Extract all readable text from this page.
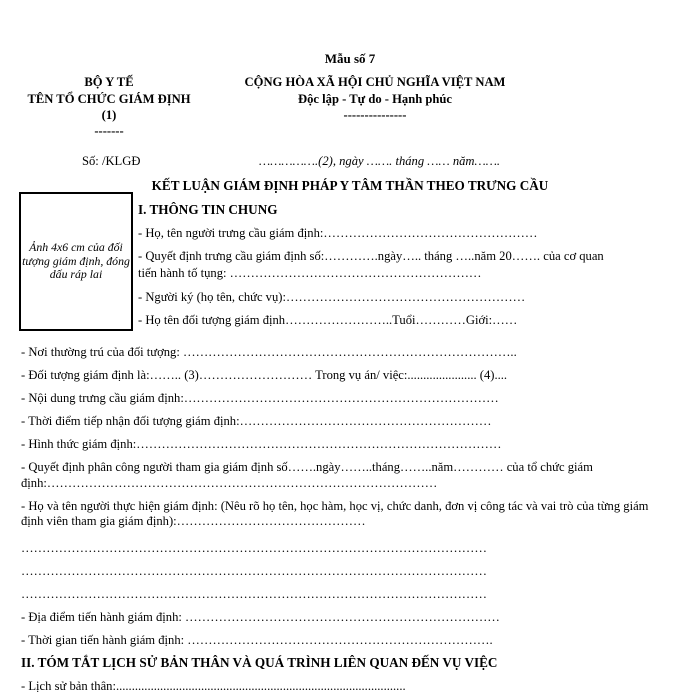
Mẫu số 7
BỘ Y TẾ
TÊN TỔ CHỨC GIÁM ĐỊNH
(1)
-------
CỘNG HÒA XÃ HỘI CHỦ NGHĨA VIỆT NAM
Độc lập - Tự do - Hạnh phúc
---------------
Số: /KLGĐ	…………….(2), ngày ……. tháng …… năm…….
KẾT LUẬN GIÁM ĐỊNH PHÁP Y TÂM THẦN THEO TRƯNG CẦU
Ảnh 4x6 cm của đối tượng giám định, đóng dấu ráp lai
I. THÔNG TIN CHUNG
- Họ, tên người trưng cầu giám định:……………………………………………
- Quyết định trưng cầu giám định số:………….ngày….. tháng …..năm 20……. của cơ quan
tiến hành tố tụng: ……………………………………………………
- Người ký (họ tên, chức vụ):…………………………………………………
- Họ tên đối tượng giám định……………………..Tuổi…………Giới:……
- Nơi thường trú của đối tượng: ……………………………………………………………………..
- Đối tượng giám định là:…….. (3)……………………… Trong vụ án/ việc:...................... (4)....
- Nội dung trưng cầu giám định:…………………………………………………………………
- Thời điểm tiếp nhận đối tượng giám định:……………………………………………………
- Hình thức giám định:……………………………………………………………………………
- Quyết định phân công người tham gia giám định số…….ngày……..tháng……..năm………… của tổ chức giám
định:…………………………………………………………………………………
- Họ và tên người thực hiện giám định: (Nêu rõ họ tên, học hàm, học vị, chức danh, đơn vị công tác và vai trò của từng giám định viên tham gia giám định):………………………………………
…………………………………………………………………………………………………
…………………………………………………………………………………………………
…………………………………………………………………………………………………
- Địa điểm tiến hành giám định: …………………………………………………………………
- Thời gian tiến hành giám định: ……………………………………………………………….
II. TÓM TẮT LỊCH SỬ BẢN THÂN VÀ QUÁ TRÌNH LIÊN QUAN ĐẾN VỤ VIỆC
- Lịch sử bản thân:............................................................................................
